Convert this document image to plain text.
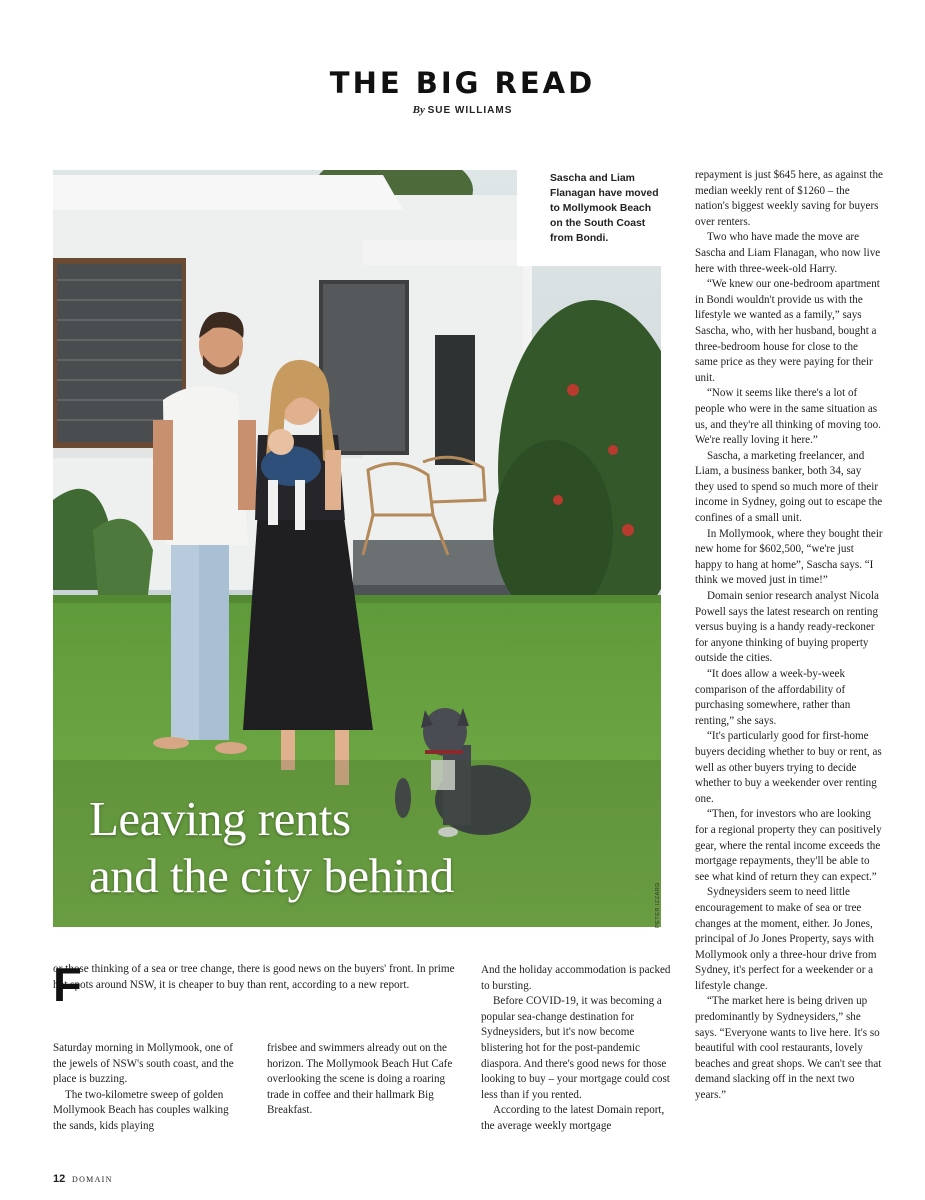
THE BIG READ
By SUE WILLIAMS
Sascha and Liam Flanagan have moved to Mollymook Beach on the South Coast from Bondi.
Leaving rents
and the city behind
PETER IZZARD
F

or those thinking of a sea or tree change, there is good news on the buyers' front. In prime hot spots around NSW, it is cheaper to buy than rent, according to a new report.

Saturday morning in Mollymook, one of the jewels of NSW's south coast, and the place is buzzing.

The two-kilometre sweep of golden Mollymook Beach has couples walking the sands, kids playing

frisbee and swimmers already out on the horizon. The Mollymook Beach Hut Cafe overlooking the scene is doing a roaring trade in coffee and their hallmark Big Breakfast.

And the holiday accommodation is packed to bursting.

Before COVID-19, it was becoming a popular sea-change destination for Sydneysiders, but it's now become blistering hot for the post-pandemic diaspora. And there's good news for those looking to buy – your mortgage could cost less than if you rented.

According to the latest Domain report, the average weekly mortgage

repayment is just $645 here, as against the median weekly rent of $1260 – the nation's biggest weekly saving for buyers over renters.

Two who have made the move are Sascha and Liam Flanagan, who now live here with three-week-old Harry.

“We knew our one-bedroom apartment in Bondi wouldn't provide us with the lifestyle we wanted as a family,” says Sascha, who, with her husband, bought a three-bedroom house for close to the same price as they were paying for their unit.

“Now it seems like there's a lot of people who were in the same situation as us, and they're all thinking of moving too. We're really loving it here.”

Sascha, a marketing freelancer, and Liam, a business banker, both 34, say they used to spend so much more of their income in Sydney, going out to escape the confines of a small unit.

In Mollymook, where they bought their new home for $602,500, “we're just happy to hang at home”, Sascha says. “I think we moved just in time!”

Domain senior research analyst Nicola Powell says the latest research on renting versus buying is a handy ready-reckoner for anyone thinking of buying property outside the cities.

“It does allow a week-by-week comparison of the affordability of purchasing somewhere, rather than renting,” she says.

“It's particularly good for first-home buyers deciding whether to buy or rent, as well as other buyers trying to decide whether to buy a weekender over renting one.

“Then, for investors who are looking for a regional property they can positively gear, where the rental income exceeds the mortgage repayments, they'll be able to see what kind of return they can expect.”

Sydneysiders seem to need little encouragement to make of sea or tree changes at the moment, either. Jo Jones, principal of Jo Jones Property, says with Mollymook only a three-hour drive from Sydney, it's perfect for a weekender or a lifestyle change.

“The market here is being driven up predominantly by Sydneysiders,” she says. “Everyone wants to live here. It's so beautiful with cool restaurants, lovely beaches and great shops. We can't see that demand slacking off in the next two years.”

12 DOMAIN
